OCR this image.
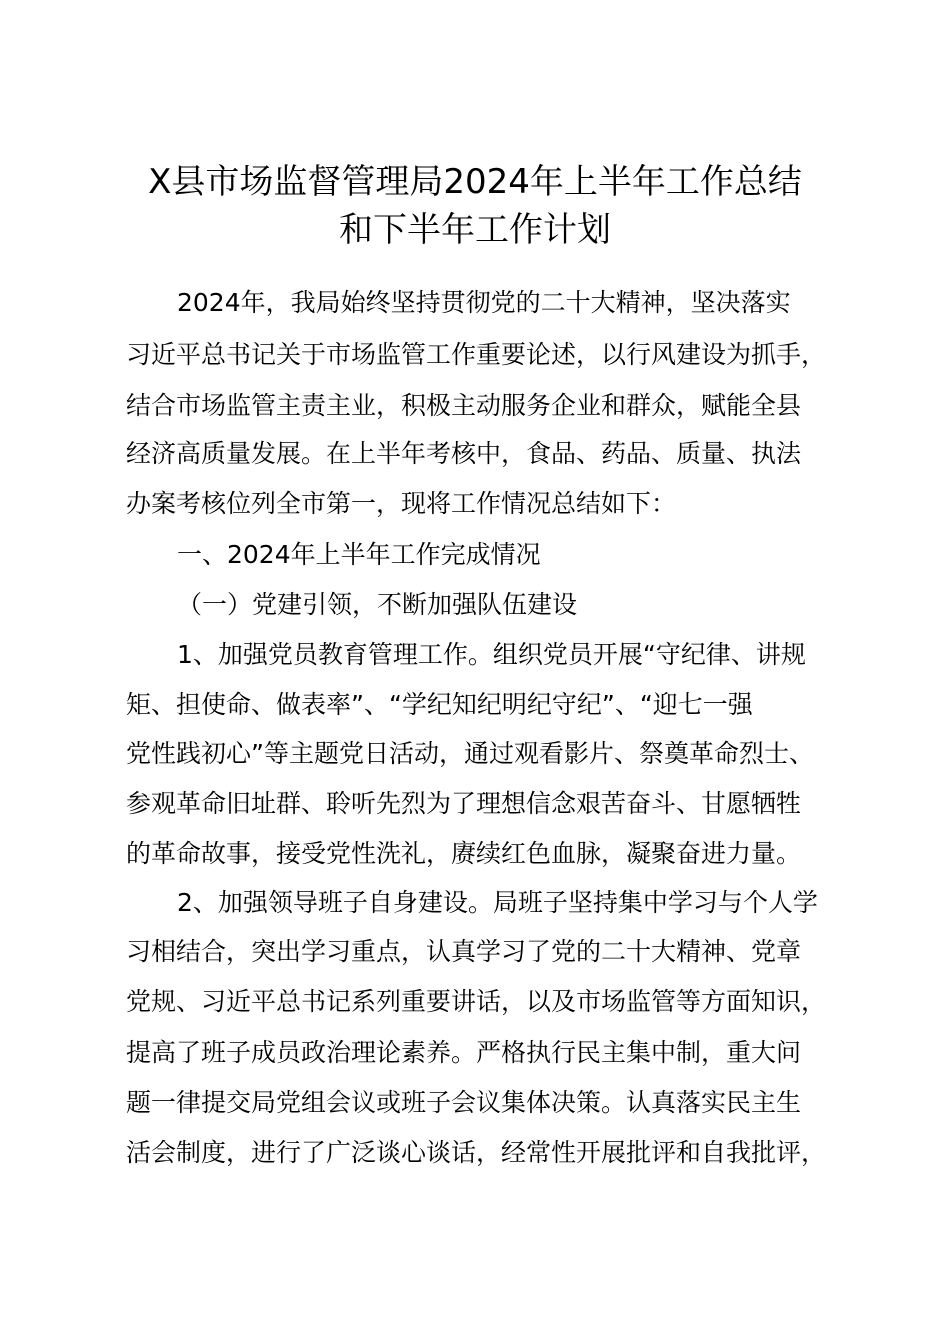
X县市场监督管理局2024年上半年工作总结
和下半年工作计划
2024年，我局始终坚持贯彻党的二十大精神，坚决落实
习近平总书记关于市场监管工作重要论述，以行风建设为抓手，
结合市场监管主责主业，积极主动服务企业和群众，赋能全县
经济高质量发展。在上半年考核中，食品、药品、质量、执法
办案考核位列全市第一，现将工作情况总结如下：
一、2024年上半年工作完成情况
（一）党建引领，不断加强队伍建设
1、加强党员教育管理工作。组织党员开展“守纪律、讲规
矩、担使命、做表率”、“学纪知纪明纪守纪”、“迎七一强
党性践初心”等主题党日活动，通过观看影片、祭奠革命烈士、
参观革命旧址群、聆听先烈为了理想信念艰苦奋斗、甘愿牺牲
的革命故事，接受党性洗礼，赓续红色血脉，凝聚奋进力量。
2、加强领导班子自身建设。局班子坚持集中学习与个人学
习相结合，突出学习重点，认真学习了党的二十大精神、党章
党规、习近平总书记系列重要讲话，以及市场监管等方面知识，
提高了班子成员政治理论素养。严格执行民主集中制，重大问
题一律提交局党组会议或班子会议集体决策。认真落实民主生
活会制度，进行了广泛谈心谈话，经常性开展批评和自我批评，
